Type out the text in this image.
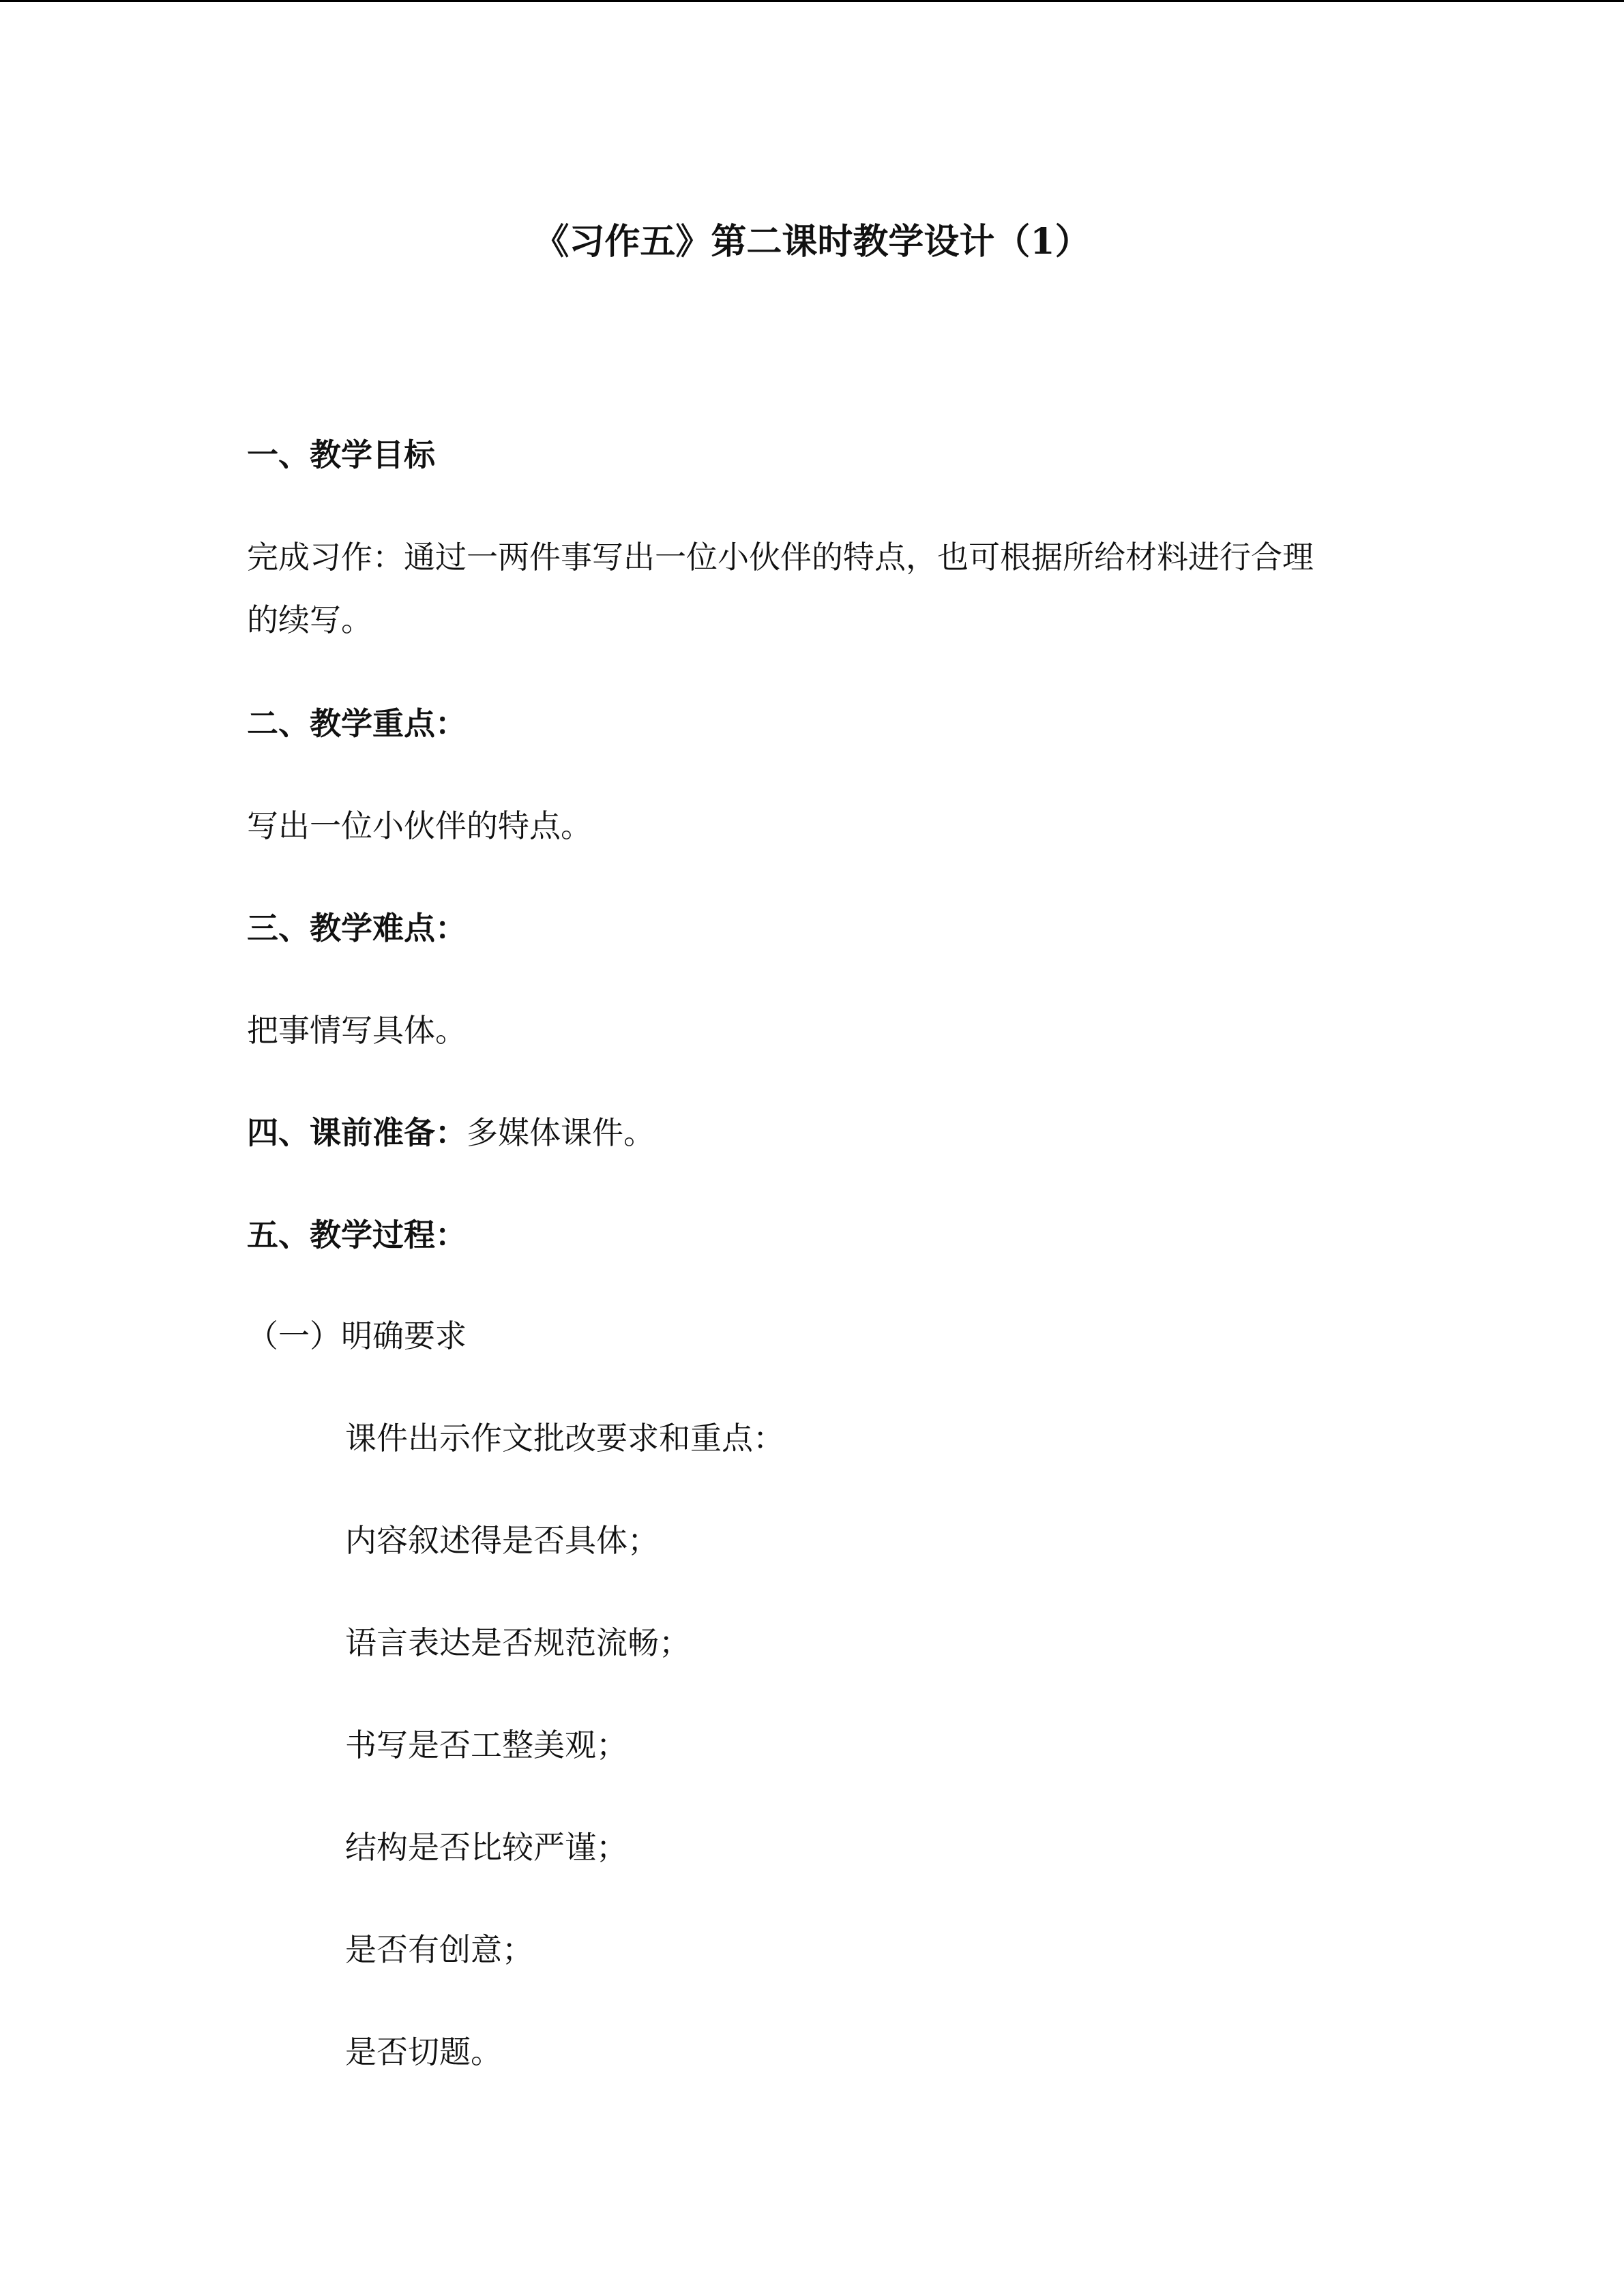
《习作五》第二课时教学设计（1）
一、教学目标
完成习作：通过一两件事写出一位小伙伴的特点，也可根据所给材料进行合理
的续写。
二、教学重点：
写出一位小伙伴的特点。
三、教学难点：
把事情写具体。
四、课前准备：多媒体课件。
五、教学过程：
（一）明确要求
课件出示作文批改要求和重点：
内容叙述得是否具体；
语言表达是否规范流畅；
书写是否工整美观；
结构是否比较严谨；
是否有创意；
是否切题。
